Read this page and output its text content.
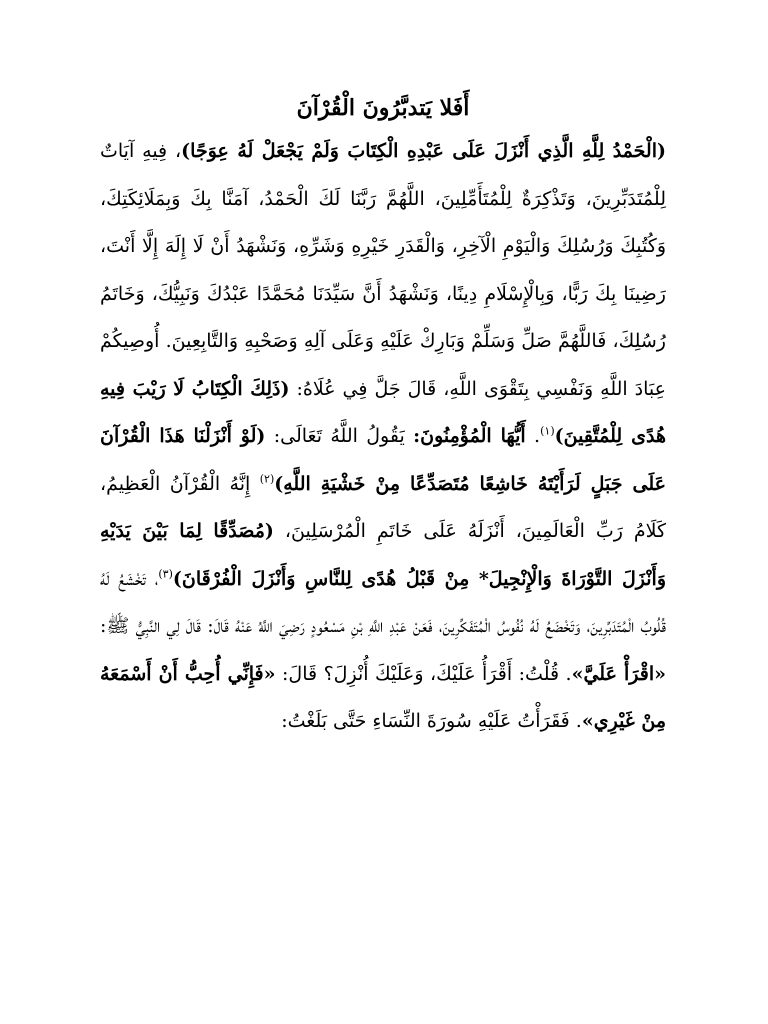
أَفَلا يَتدبَّرُونَ الْقُرْآنَ

(الْحَمْدُ لِلَّهِ الَّذِي أَنْزَلَ عَلَى عَبْدِهِ الْكِتَابَ وَلَمْ يَجْعَلْ لَهُ عِوَجًا)، فِيهِ آيَاتٌ لِلْمُتَدَبِّرِينَ، وَتَذْكِرَةٌ لِلْمُتَأَمِّلِينَ، اللَّهُمَّ رَبَّنَا لَكَ الْحَمْدُ، آمَنَّا بِكَ وَبِمَلَائِكَتِكَ، وَكُتُبِكَ وَرُسُلِكَ وَالْيَوْمِ الْآخِرِ، وَالْقَدَرِ خَيْرِهِ وَشَرِّهِ، وَنَشْهَدُ أَنْ لَا إِلَهَ إِلَّا أَنْتَ، رَضِينَا بِكَ رَبًّا، وَبِالْإِسْلَامِ دِينًا، وَنَشْهَدُ أَنَّ سَيِّدَنَا مُحَمَّدًا عَبْدُكَ وَنَبِيُّكَ، وَخَاتَمُ رُسُلِكَ، فَاللَّهُمَّ صَلِّ وَسَلِّمْ وَبَارِكْ عَلَيْهِ وَعَلَى آلِهِ وَصَحْبِهِ وَالتَّابِعِينَ. أُوصِيكُمْ عِبَادَ اللَّهِ وَنَفْسِي بِتَقْوَى اللَّهِ، قَالَ جَلَّ فِي عُلَاهُ: (ذَلِكَ الْكِتَابُ لَا رَيْبَ فِيهِ هُدًى لِلْمُتَّقِينَ)$^{(١)}$. أَيُّهَا الْمُؤْمِنُونَ: يَقُولُ اللَّهُ تَعَالَى: (لَوْ أَنْزَلْنَا هَذَا الْقُرْآنَ عَلَى جَبَلٍ لَرَأَيْتَهُ خَاشِعًا مُتَصَدِّعًا مِنْ خَشْيَةِ اللَّهِ)$^{(٢)}$ إِنَّهُ الْقُرْآنُ الْعَظِيمُ، كَلَامُ رَبِّ الْعَالَمِينَ، أَنْزَلَهُ عَلَى خَاتَمِ الْمُرْسَلِينَ، (مُصَدِّقًا لِمَا بَيْنَ يَدَيْهِ وَأَنْزَلَ التَّوْرَاةَ وَالْإِنْجِيلَ* مِنْ قَبْلُ هُدًى لِلنَّاسِ وَأَنْزَلَ الْفُرْقَانَ)$^{(٣)}$، تَخْشَعُ لَهُ قُلُوبُ الْمُتَدَبِّرِينَ، وَتَخْضَعُ لَهُ نُفُوسُ الْمُتَفَكِّرِينَ، فَعَنْ عَبْدِ اللَّهِ بْنِ مَسْعُودٍ رَضِيَ اللَّهُ عَنْهُ قَالَ: قَالَ لِي النَّبِيُّ ﷺ: «اقْرَأْ عَلَيَّ». قُلْتُ: أَقْرَأُ عَلَيْكَ، وَعَلَيْكَ أُنْزِلَ؟ قَالَ: «فَإِنِّي أُحِبُّ أَنْ أَسْمَعَهُ مِنْ غَيْرِي». فَقَرَأْتُ عَلَيْهِ سُورَةَ النِّسَاءِ حَتَّى بَلَغْتُ:
